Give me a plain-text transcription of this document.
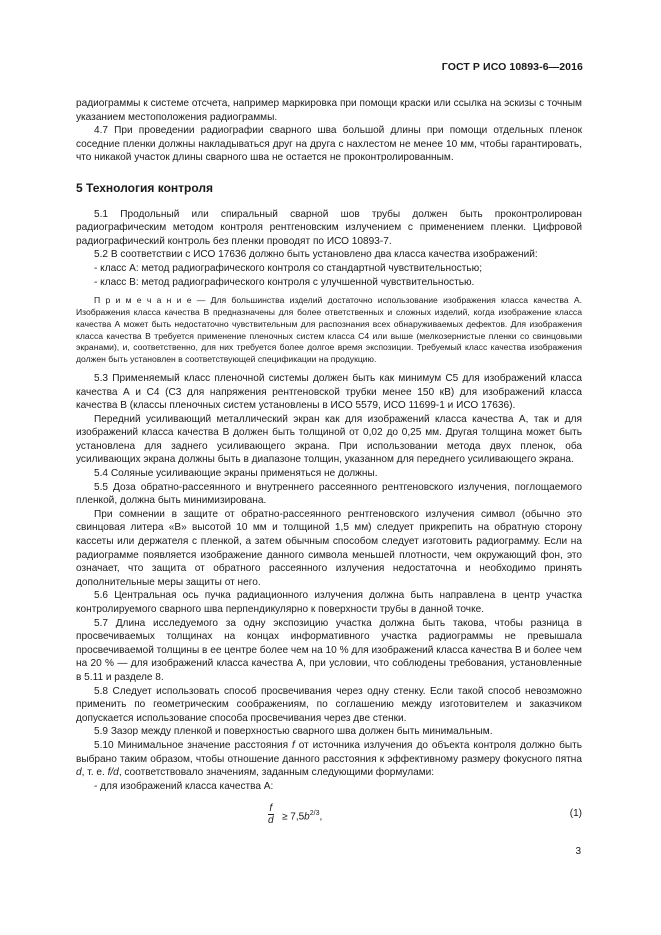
ГОСТ Р ИСО 10893-6—2016

радиограммы к системе отсчета, например маркировка при помощи краски или ссылка на эскизы с точным указанием местоположения радиограммы.

4.7 При проведении радиографии сварного шва большой длины при помощи отдельных пленок соседние пленки должны накладываться друг на друга с нахлестом не менее 10 мм, чтобы гарантировать, что никакой участок длины сварного шва не остается не проконтролированным.

5 Технология контроля

5.1 Продольный или спиральный сварной шов трубы должен быть проконтролирован радиографическим методом контроля рентгеновским излучением с применением пленки. Цифровой радиографический контроль без пленки проводят по ИСО 10893-7.

5.2 В соответствии с ИСО 17636 должно быть установлено два класса качества изображений:

- класс А: метод радиографического контроля со стандартной чувствительностью;

- класс В: метод радиографического контроля с улучшенной чувствительностью.

П р и м е ч а н и е — Для большинства изделий достаточно использование изображения класса качества А. Изображения класса качества В предназначены для более ответственных и сложных изделий, когда изображение класса качества А может быть недостаточно чувствительным для распознания всех обнаруживаемых дефектов. Для изображения класса качества В требуется применение пленочных систем класса С4 или выше (мелкозернистые пленки со свинцовыми экранами), и, соответственно, для них требуется более долгое время экспозиции. Требуемый класс качества изображения должен быть установлен в соответствующей спецификации на продукцию.

5.3 Применяемый класс пленочной системы должен быть как минимум С5 для изображений класса качества А и С4 (С3 для напряжения рентгеновской трубки менее 150 кВ) для изображений класса качества В (классы пленочных систем установлены в ИСО 5579, ИСО 11699-1 и ИСО 17636).

Передний усиливающий металлический экран как для изображений класса качества А, так и для изображений класса качества В должен быть толщиной от 0,02 до 0,25 мм. Другая толщина может быть установлена для заднего усиливающего экрана. При использовании метода двух пленок, оба усиливающих экрана должны быть в диапазоне толщин, указанном для переднего усиливающего экрана.

5.4 Соляные усиливающие экраны применяться не должны.

5.5 Доза обратно-рассеянного и внутреннего рассеянного рентгеновского излучения, поглощаемого пленкой, должна быть минимизирована.

При сомнении в защите от обратно-рассеянного рентгеновского излучения символ (обычно это свинцовая литера «В» высотой 10 мм и толщиной 1,5 мм) следует прикрепить на обратную сторону кассеты или держателя с пленкой, а затем обычным способом следует изготовить радиограмму. Если на радиограмме появляется изображение данного символа меньшей плотности, чем окружающий фон, это означает, что защита от обратного рассеянного излучения недостаточна и необходимо принять дополнительные меры защиты от него.

5.6 Центральная ось пучка радиационного излучения должна быть направлена в центр участка контролируемого сварного шва перпендикулярно к поверхности трубы в данной точке.

5.7 Длина исследуемого за одну экспозицию участка должна быть такова, чтобы разница в просвечиваемых толщинах на концах информативного участка радиограммы не превышала просвечиваемой толщины в ее центре более чем на 10 % для изображений класса качества В и более чем на 20 % — для изображений класса качества А, при условии, что соблюдены требования, установленные в 5.11 и разделе 8.

5.8 Следует использовать способ просвечивания через одну стенку. Если такой способ невозможно применить по геометрическим соображениям, по соглашению между изготовителем и заказчиком допускается использование способа просвечивания через две стенки.

5.9 Зазор между пленкой и поверхностью сварного шва должен быть минимальным.

5.10 Минимальное значение расстояния f от источника излучения до объекта контроля должно быть выбрано таким образом, чтобы отношение данного расстояния к эффективному размеру фокусного пятна d, т. е. f/d, соответствовало значениям, заданным следующими формулами:

- для изображений класса качества А:

$\frac{f}{d} \ge 7,5b^{2/3}$,	(1)
3
